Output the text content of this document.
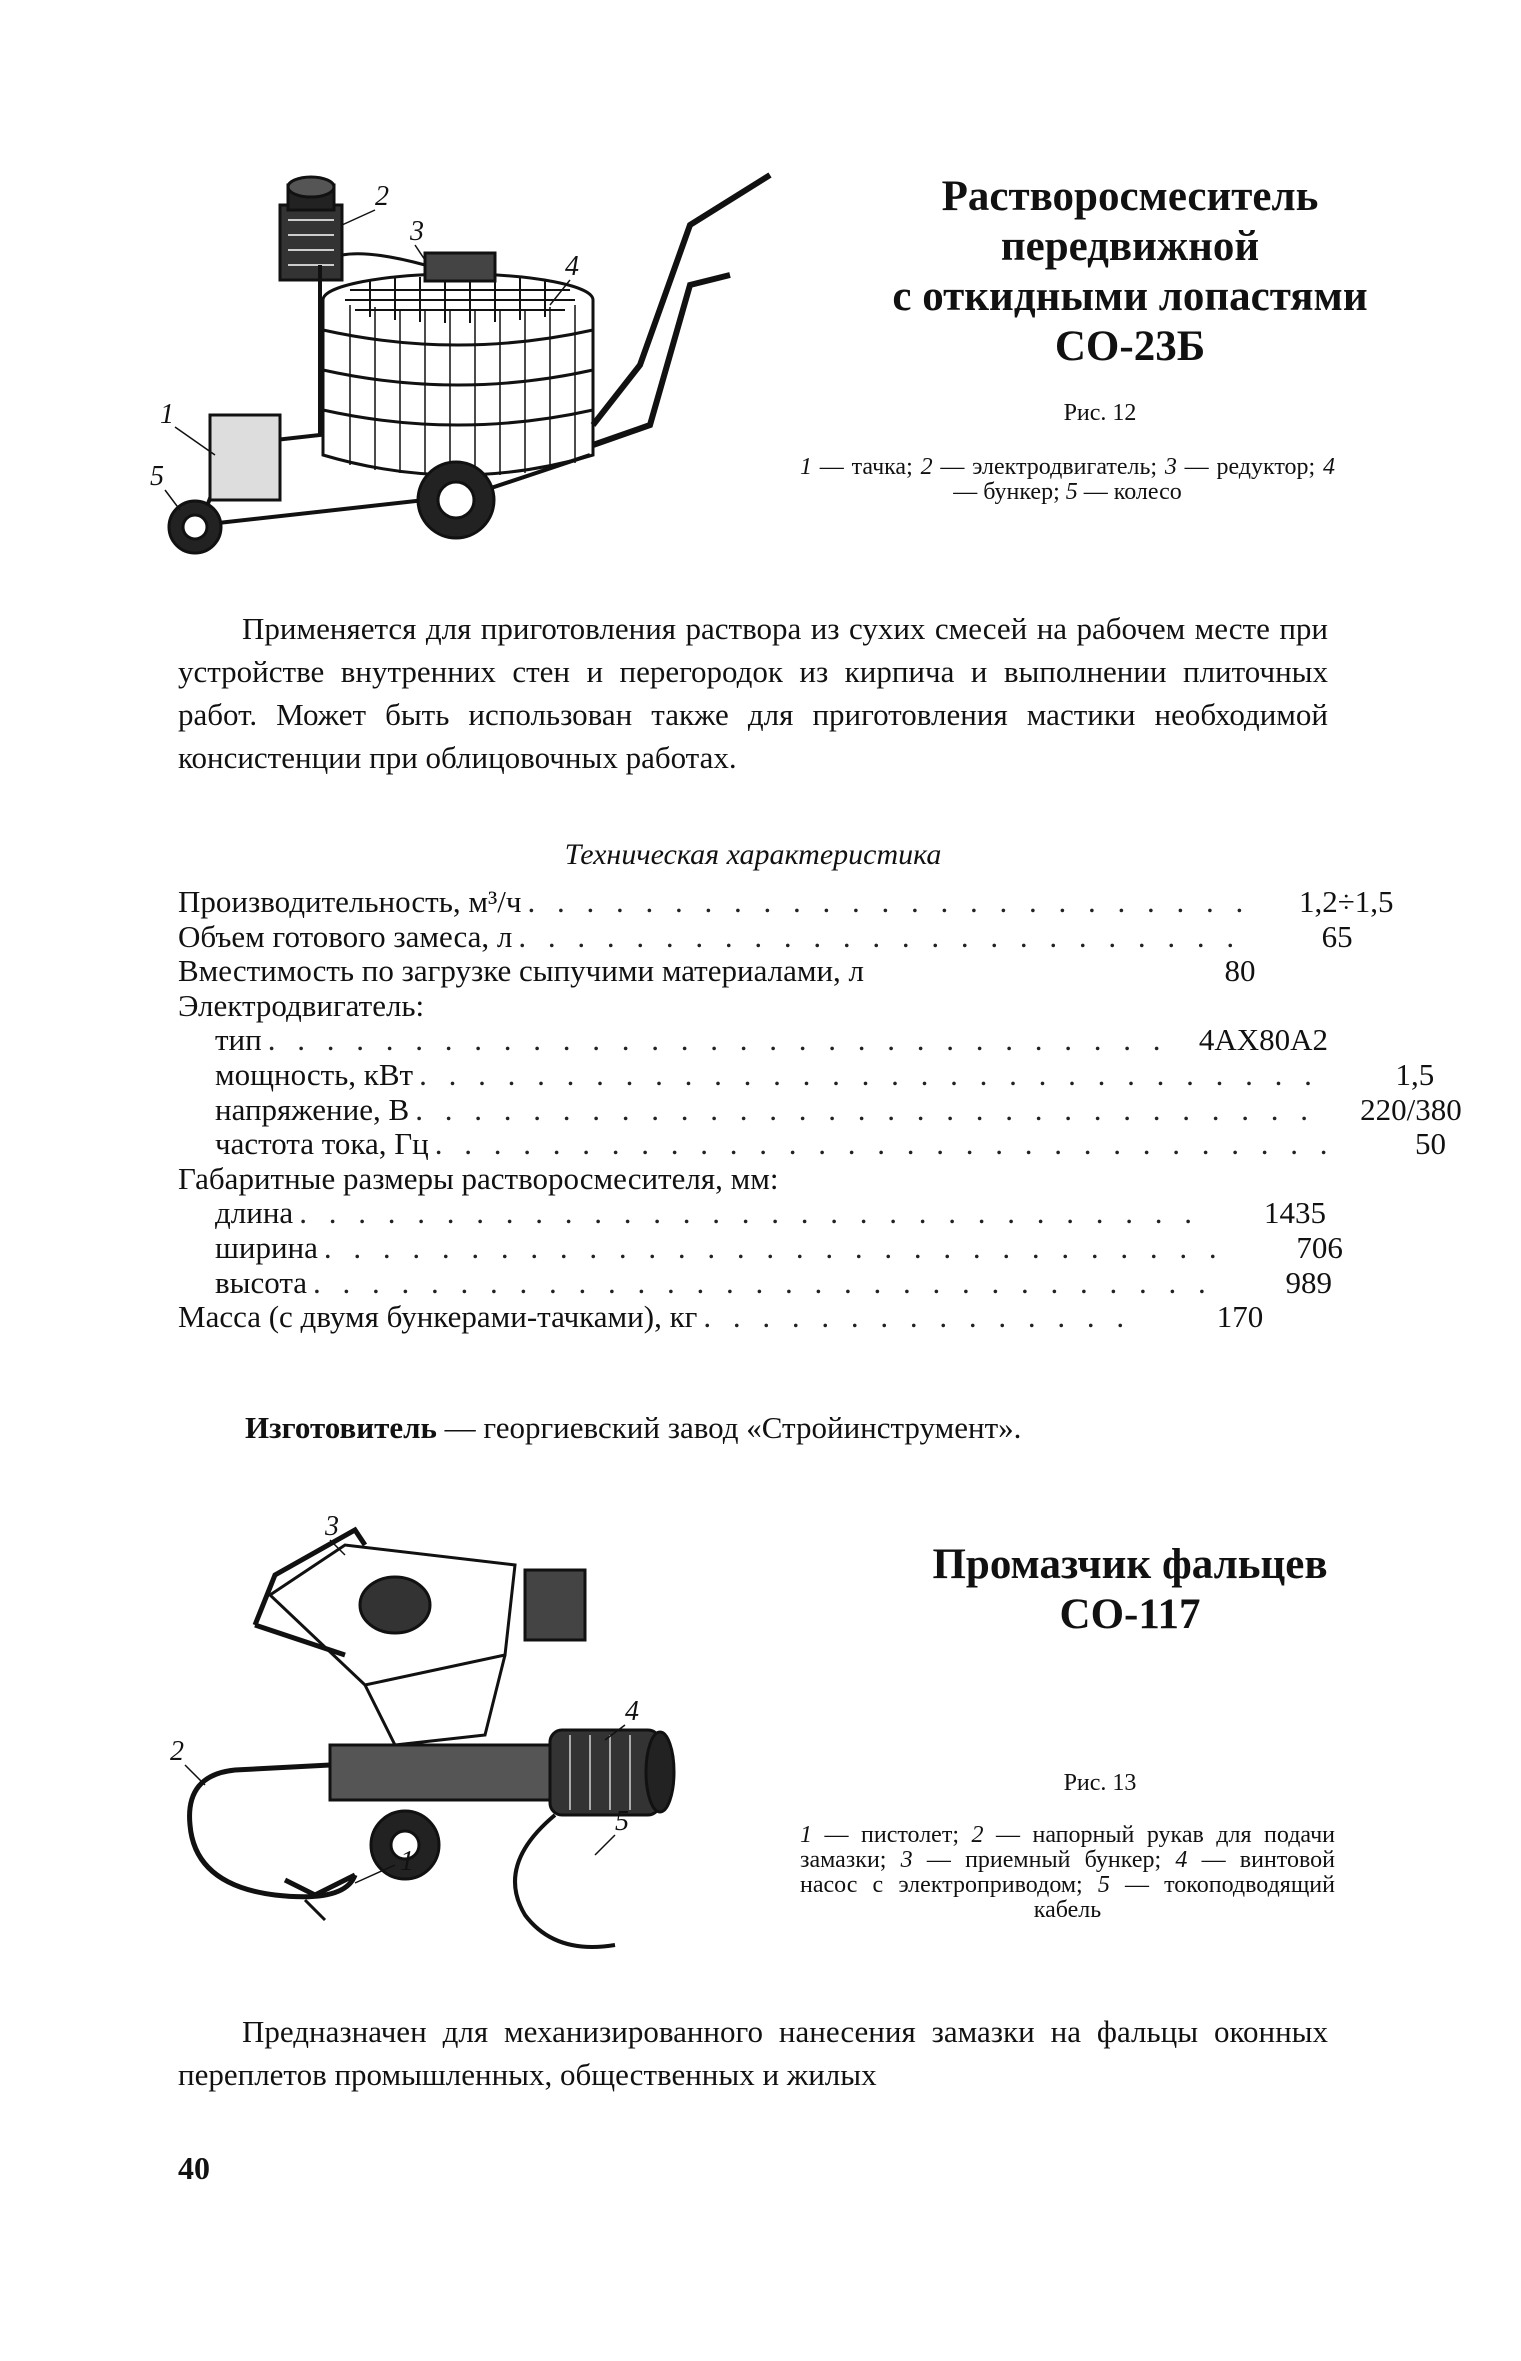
1
2
3
4
5
Растворосмеситель
передвижной
с откидными лопастями
СО-23Б
Рис. 12
1 — тачка; 2 — электродвигатель; 3 — редуктор; 4 — бункер; 5 — колесо
Применяется для приготовления раствора из сухих смесей на рабочем месте при устройстве внутренних стен и перегородок из кирпича и выполнении плиточных работ. Может быть использован также для приготовления мастики необходимой консистенции при облицовочных работах.
Техническая характеристика
Производительность, м³/ч . . . . . . . . . . . . . . . . . . . . . . . . .	1,2÷1,5
Объем готового замеса, л . . . . . . . . . . . . . . . . . . . . . . . . .	65
Вместимость по загрузке сыпучими материалами, л	80
Электродвигатель:
тип . . . . . . . . . . . . . . . . . . . . . . . . . . . . . . .	4АХ80А2
мощность, кВт . . . . . . . . . . . . . . . . . . . . . . . . . . . . . . .	1,5
напряжение, В . . . . . . . . . . . . . . . . . . . . . . . . . . . . . . .	220/380
частота тока, Гц . . . . . . . . . . . . . . . . . . . . . . . . . . . . . . .	50
Габаритные размеры растворосмесителя, мм:
длина . . . . . . . . . . . . . . . . . . . . . . . . . . . . . . .	1435
ширина . . . . . . . . . . . . . . . . . . . . . . . . . . . . . . .	706
высота . . . . . . . . . . . . . . . . . . . . . . . . . . . . . . .	989
Масса (с двумя бункерами-тачками), кг . . . . . . . . . . . . . . .	170
Изготовитель — георгиевский завод «Стройинструмент».
1
2
3
4
5
Промазчик фальцев
СО-117
Рис. 13
1 — пистолет; 2 — напорный рукав для подачи замазки; 3 — приемный бункер; 4 — винтовой насос с электроприводом; 5 — токоподводящий кабель
Предназначен для механизированного нанесения замазки на фальцы оконных переплетов промышленных, общественных и жилых
40
